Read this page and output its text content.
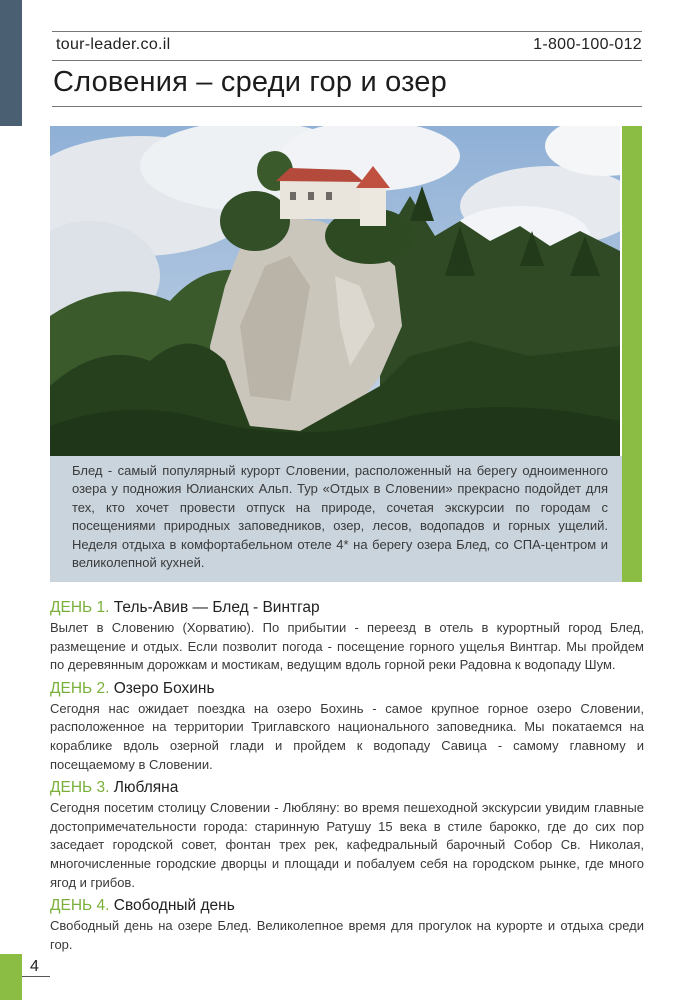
tour-leader.co.il	1-800-100-012
Словения – среди гор и озер
Блед - самый популярный курорт Словении, расположенный на берегу одноименного озера у подножия Юлианских Альп. Тур «Отдых в Словении» прекрасно подойдет для тех, кто хочет провести отпуск на природе, сочетая экскурсии по городам с посещениями природных заповедников, озер, лесов, водопадов и горных ущелий. Неделя отдыха в комфортабельном отеле 4* на берегу озера Блед, со СПА-центром и великолепной кухней.
ДЕНЬ 1. Тель-Авив — Блед - Винтгар
Вылет в Словению (Хорватию). По прибытии - переезд в отель в курортный город Блед, размещение и отдых. Если позволит погода - посещение горного ущелья Винтгар. Мы пройдем по деревянным дорожкам и мостикам, ведущим вдоль горной реки Радовна к водопаду Шум.
ДЕНЬ 2. Озеро Бохинь
Сегодня нас ожидает поездка на озеро Бохинь - самое крупное горное озеро Словении, расположенное на территории Триглавского национального заповедника. Мы покатаемся на кораблике вдоль озерной глади и пройдем к водопаду Савица - самому главному и посещаемому в Словении.
ДЕНЬ 3. Любляна
Сегодня посетим столицу Словении - Любляну: во время пешеходной экскурсии увидим главные достопримечательности города: старинную Ратушу 15 века в стиле барокко, где до сих пор заседает городской совет, фонтан трех рек, кафедральный барочный Собор Св. Николая, многочисленные городские дворцы и площади и побалуем себя на городском рынке, где много ягод и грибов.
ДЕНЬ 4. Свободный день
Свободный день на озере Блед. Великолепное время для прогулок на курорте и отдыха среди гор.
4
